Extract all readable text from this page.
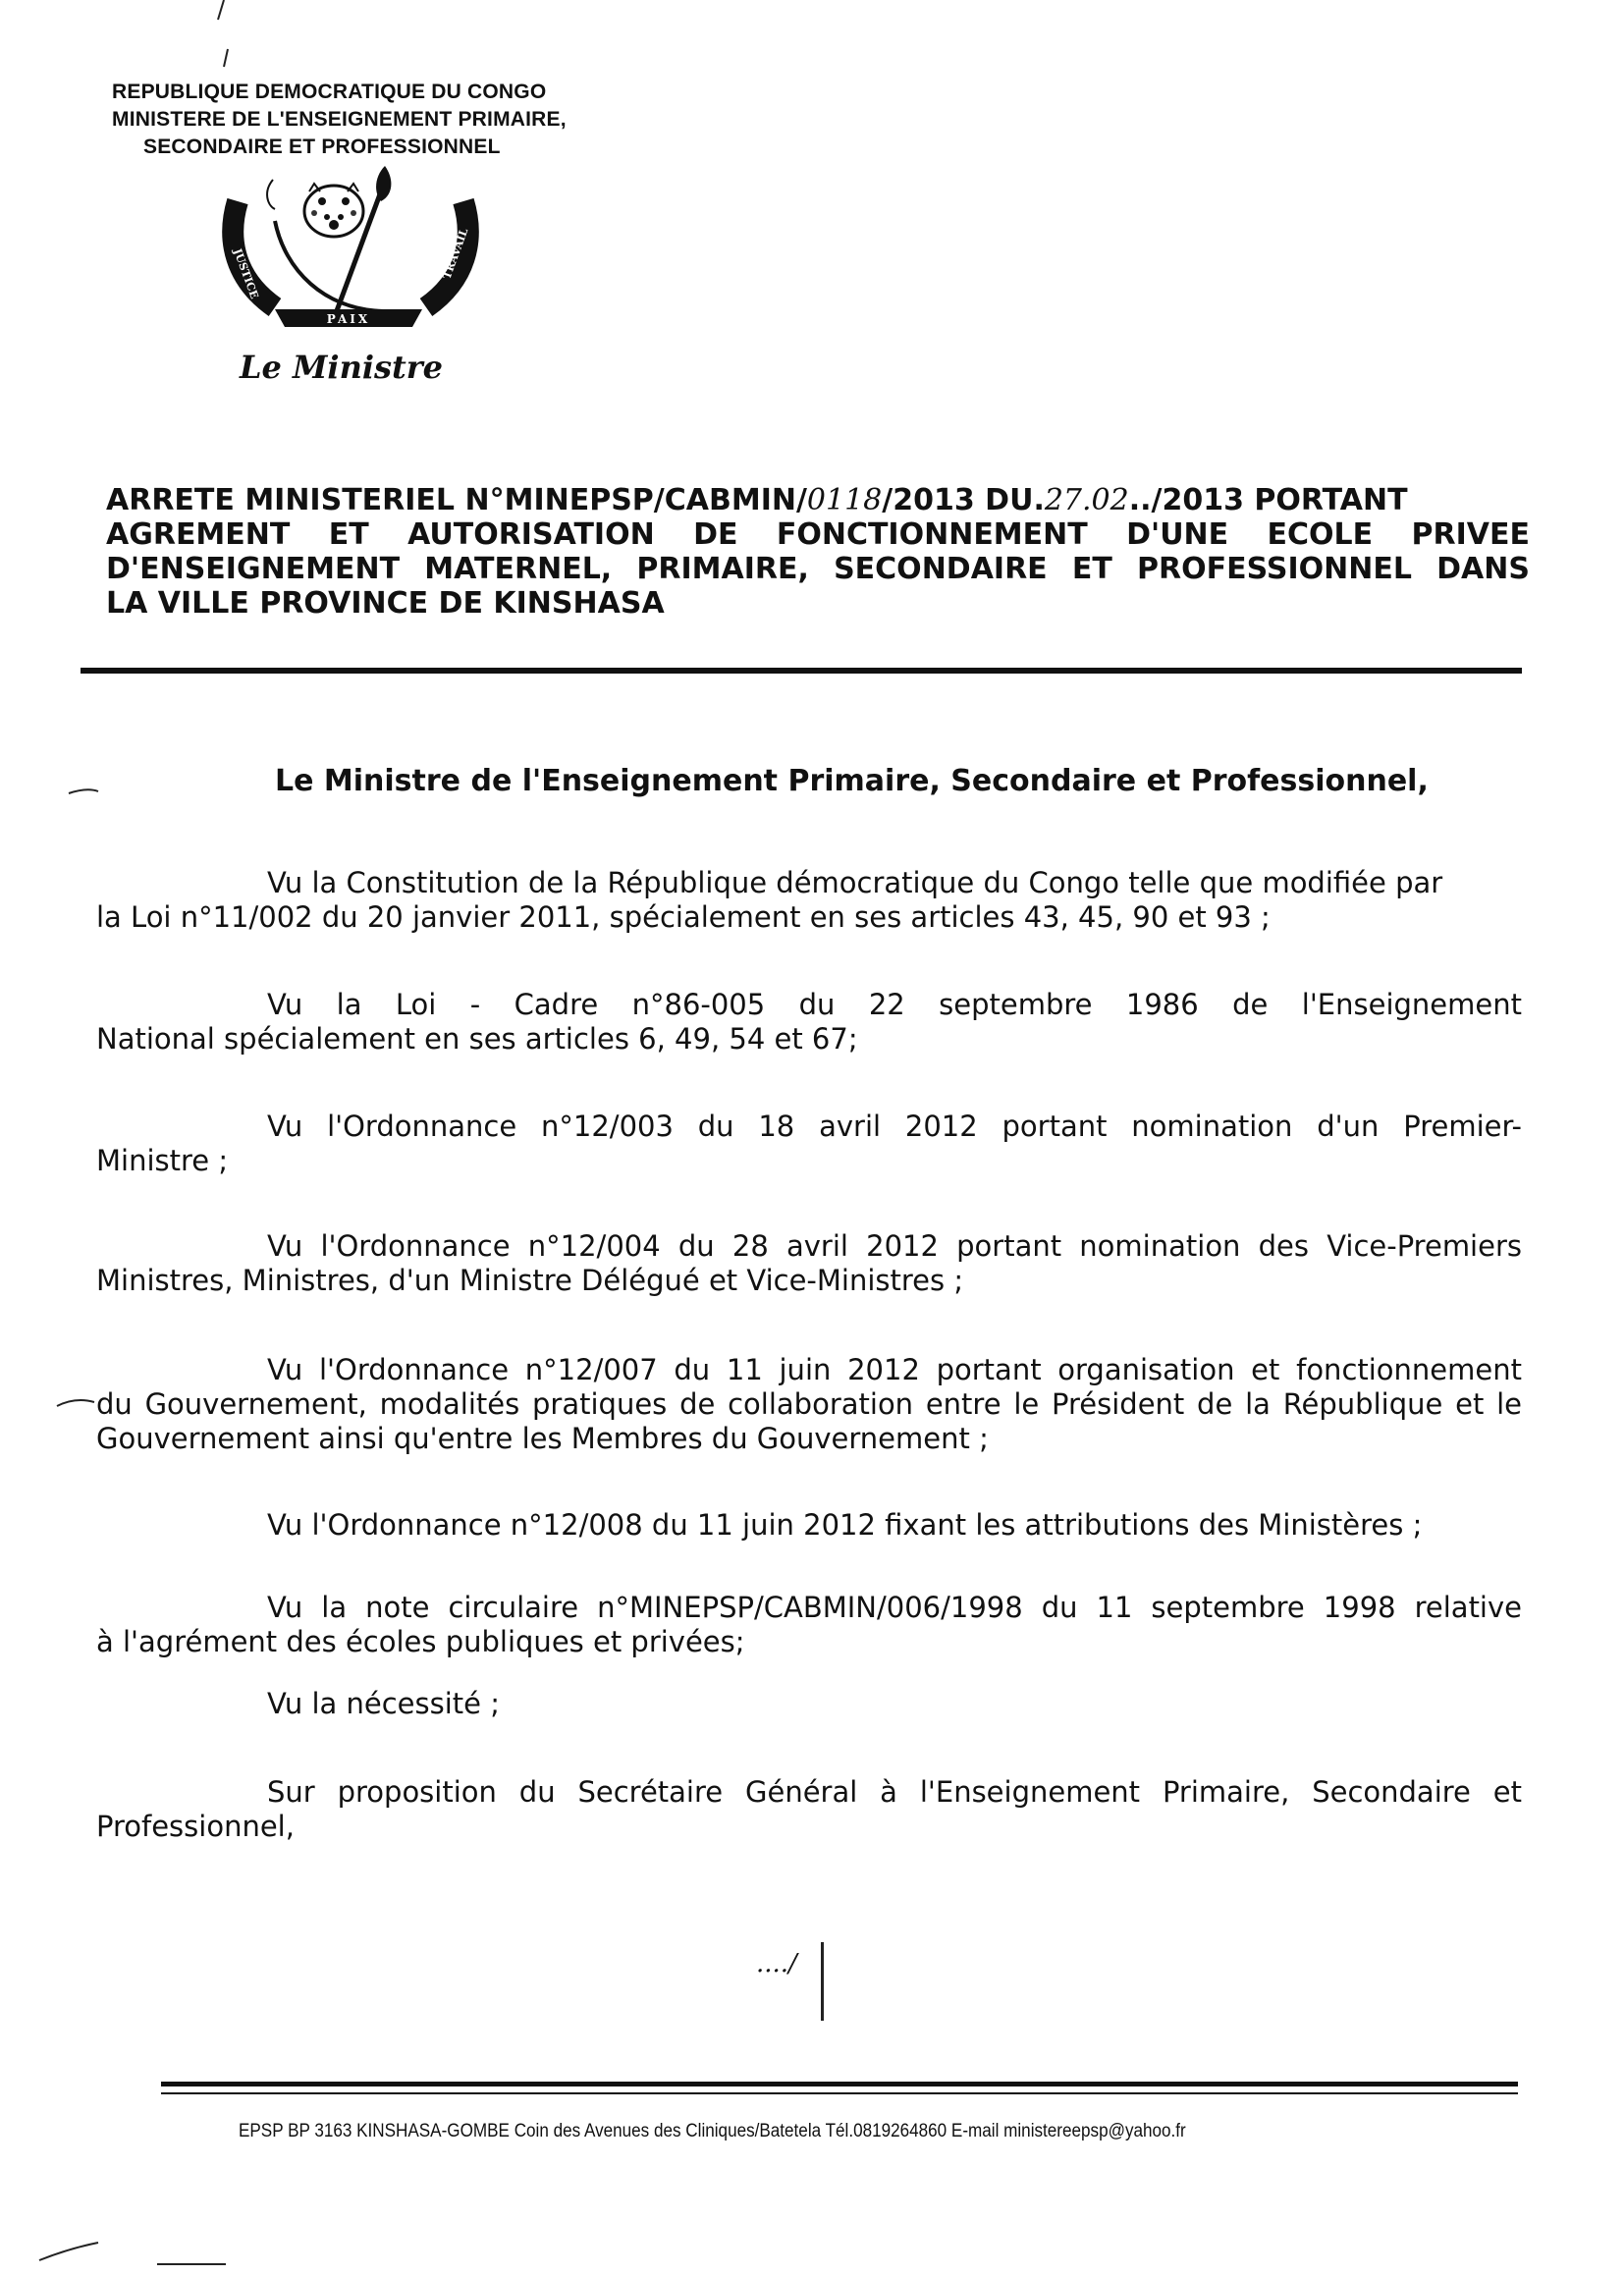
REPUBLIQUE DEMOCRATIQUE DU CONGO
MINISTERE DE L'ENSEIGNEMENT PRIMAIRE,
SECONDAIRE ET PROFESSIONNEL
JUSTICE	TRAVAIL
PAIX
Le Ministre
ARRETE MINISTERIEL N°MINEPSP/CABMIN/0118/2013 DU.27.02../2013 PORTANT
AGREMENT ET AUTORISATION DE FONCTIONNEMENT D'UNE ECOLE PRIVEE
D'ENSEIGNEMENT MATERNEL, PRIMAIRE, SECONDAIRE ET PROFESSIONNEL DANS
LA VILLE PROVINCE DE KINSHASA
Le Ministre de l'Enseignement Primaire, Secondaire et Professionnel,
Vu la Constitution de la République démocratique du Congo telle que modifiée par
la Loi n°11/002 du 20 janvier 2011, spécialement en ses articles 43, 45, 90 et 93 ;
Vu la Loi - Cadre n°86-005 du 22 septembre 1986 de l'Enseignement
National spécialement en ses articles 6, 49, 54 et 67;
Vu l'Ordonnance n°12/003 du 18 avril 2012 portant nomination d'un Premier-
Ministre ;
Vu l'Ordonnance n°12/004 du 28 avril 2012 portant nomination des Vice-Premiers
Ministres, Ministres, d'un Ministre Délégué et Vice-Ministres ;
Vu l'Ordonnance n°12/007 du 11 juin 2012 portant organisation et fonctionnement
du Gouvernement, modalités pratiques de collaboration entre le Président de la République et le
Gouvernement ainsi qu'entre les Membres du Gouvernement ;
Vu l'Ordonnance n°12/008 du 11 juin 2012 fixant les attributions des Ministères ;
Vu la note circulaire n°MINEPSP/CABMIN/006/1998 du 11 septembre 1998 relative
à l'agrément des écoles publiques et privées;
Vu la nécessité ;
Sur proposition du Secrétaire Général à l'Enseignement Primaire, Secondaire et
Professionnel,
..../
EPSP BP 3163 KINSHASA-GOMBE Coin des Avenues des Cliniques/Batetela Tél.0819264860 E-mail ministereepsp@yahoo.fr
